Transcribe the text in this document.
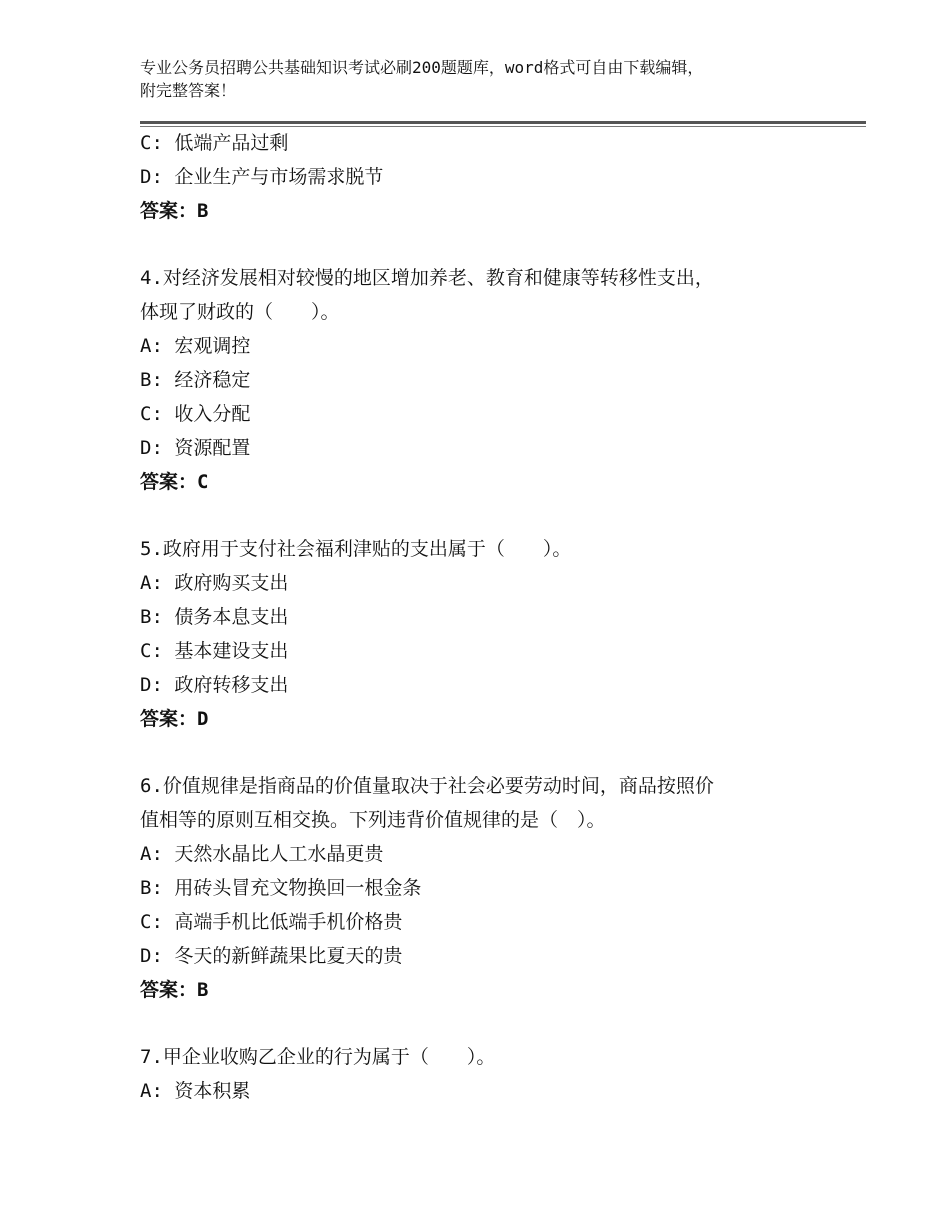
专业公务员招聘公共基础知识考试必刷200题题库，word格式可自由下载编辑，
附完整答案！
C: 低端产品过剩
D: 企业生产与市场需求脱节
答案：B
4.对经济发展相对较慢的地区增加养老、教育和健康等转移性支出，
体现了财政的（　　）。
A: 宏观调控
B: 经济稳定
C: 收入分配
D: 资源配置
答案：C
5.政府用于支付社会福利津贴的支出属于（　　）。
A: 政府购买支出
B: 债务本息支出
C: 基本建设支出
D: 政府转移支出
答案：D
6.价值规律是指商品的价值量取决于社会必要劳动时间，商品按照价
值相等的原则互相交换。下列违背价值规律的是（　）。
A: 天然水晶比人工水晶更贵
B: 用砖头冒充文物换回一根金条
C: 高端手机比低端手机价格贵
D: 冬天的新鲜蔬果比夏天的贵
答案：B
7.甲企业收购乙企业的行为属于（　　）。
A: 资本积累
